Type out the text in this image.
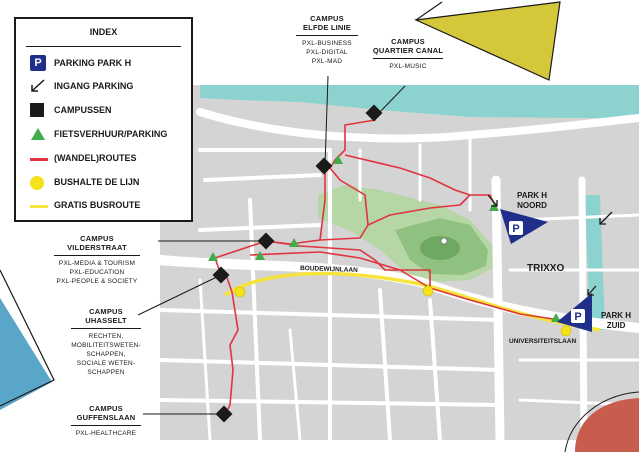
P
P
INDEX
P	PARKING PARK H
INGANG PARKING
CAMPUSSEN
FIETSVERHUUR/PARKING
(WANDEL)ROUTES
BUSHALTE DE LIJN
GRATIS BUSROUTE
CAMPUS
ELFDE LINIE
PXL-BUSINESS
PXL-DIGITAL
PXL-MAD
CAMPUS
QUARTIER CANAL
PXL-MUSIC
CAMPUS
VILDERSTRAAT
PXL-MEDIA & TOURISM
PXL-EDUCATION
PXL-PEOPLE & SOCIETY
CAMPUS
UHASSELT
RECHTEN,
MOBILITEITSWETEN-
SCHAPPEN,
SOCIALE WETEN-
SCHAPPEN
CAMPUS
GUFFENSLAAN
PXL-HEALTHCARE
PARK H
NOORD
PARK H
ZUID
TRIXXO
BOUDEWIJNLAAN
UNIVERSITEITSLAAN
